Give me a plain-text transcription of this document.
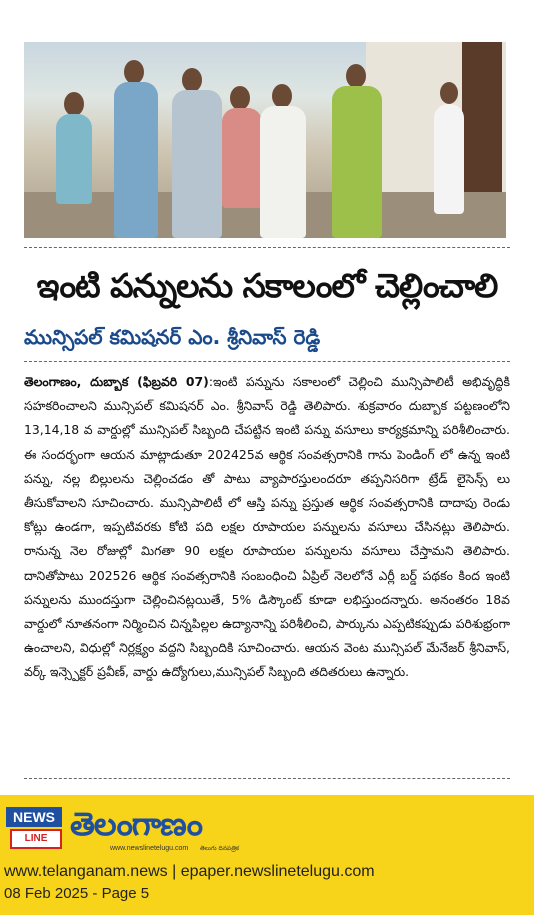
ఇంటి పన్నులను సకాలంలో చెల్లించాలి
మున్సిపల్ కమిషనర్ ఎం. శ్రీనివాస్ రెడ్డి
తెలంగాణం, దుబ్బాక (ఫిబ్రవరి 07):ఇంటి పన్నును సకాలంలో చెల్లించి మున్సిపాలిటీ అభివృద్ధికి సహకరించాలని మున్సిపల్ కమిషనర్ ఎం. శ్రీనివాస్ రెడ్డి తెలిపారు. శుక్రవారం దుబ్బాక పట్టణంలోని 13,14,18 వ వార్డుల్లో మున్సిపల్ సిబ్బంది చేపట్టిన ఇంటి పన్ను వసూలు కార్యక్రమాన్ని పరిశీలించారు. ఈ సందర్భంగా ఆయన మాట్లాడుతూ 202425వ ఆర్థిక సంవత్సరానికి గాను పెండింగ్ లో ఉన్న ఇంటి పన్ను, నల్ల బిల్లులను చెల్లించడం తో పాటు వ్యాపారస్తులందరూ తప్పనిసరిగా ట్రేడ్ లైసెన్స్ లు తీసుకోవాలని సూచించారు. మున్సిపాలిటీ లో ఆస్తి పన్ను ప్రస్తుత ఆర్థిక సంవత్సరానికి దాదాపు రెండు కోట్లు ఉండగా, ఇప్పటివరకు కోటి పది లక్షల రూపాయల పన్నులను వసూలు చేసినట్లు తెలిపారు. రానున్న నెల రోజుల్లో మిగతా 90 లక్షల రూపాయల పన్నులను వసూలు చేస్తామని తెలిపారు. దానితోపాటు 202526 ఆర్థిక సంవత్సరానికి సంబంధించి ఏప్రిల్ నెలలోనే ఎర్లీ బర్డ్ పథకం కింద ఇంటి పన్నులను ముందస్తుగా చెల్లించినట్లయితే, 5% డిస్కౌంట్ కూడా లభిస్తుందన్నారు. అనంతరం 18వ వార్డులో నూతనంగా నిర్మించిన చిన్నపిల్లల ఉద్యానాన్ని పరిశీలించి, పార్కును ఎప్పటికప్పుడు పరిశుభ్రంగా ఉంచాలని, విధుల్లో నిర్లక్ష్యం వద్దని సిబ్బందికి సూచించారు. ఆయన వెంట మున్సిపల్ మేనేజర్ శ్రీనివాస్, వర్క్ ఇన్స్పెక్టర్ ప్రవీణ్, వార్డు ఉద్యోగులు,మున్సిపల్ సిబ్బంది తదితరులు ఉన్నారు.
NEWS
LINE తెలంగాణం
www.newslinetelugu.com తెలుగు దినపత్రిక
www.telanganam.news | epaper.newslinetelugu.com
08 Feb 2025 - Page 5
